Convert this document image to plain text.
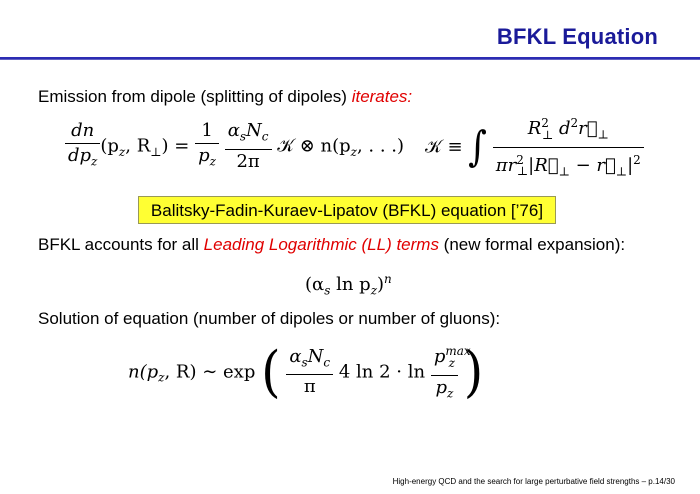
BFKL Equation
Emission from dipole (splitting of dipoles) iterates:
$\frac{dn}{dp_z} (p_z$, $R_\perp) = \frac{1}{p_z}$
$\frac{\alpha_sN_c}{2\pi}$ 𝒦 ⊗ $n(p_z$, . . .) 𝒦 ≡ ∫ $\frac{R^2_\perp d^2r⃗_\perp}{\pi r^2_\perp|R⃗_\perp - r⃗_\perp|^2}$
Balitsky-Fadin-Kuraev-Lipatov (BFKL) equation [’76]
BFKL accounts for all Leading Logarithmic (LL) terms (new formal expansion):
($\alpha_s$ $\ln p_z)^n$
Solution of equation (number of dipoles or number of gluons):
$n(p_z$, R) ∼ exp ( $\frac{\alpha_sN_c}{\pi} 4$ $\ln 2 \cdot \ln \frac{p^{max}_z}{p_z}$ )
High-energy QCD and the search for large perturbative field strengths – p.14/30
